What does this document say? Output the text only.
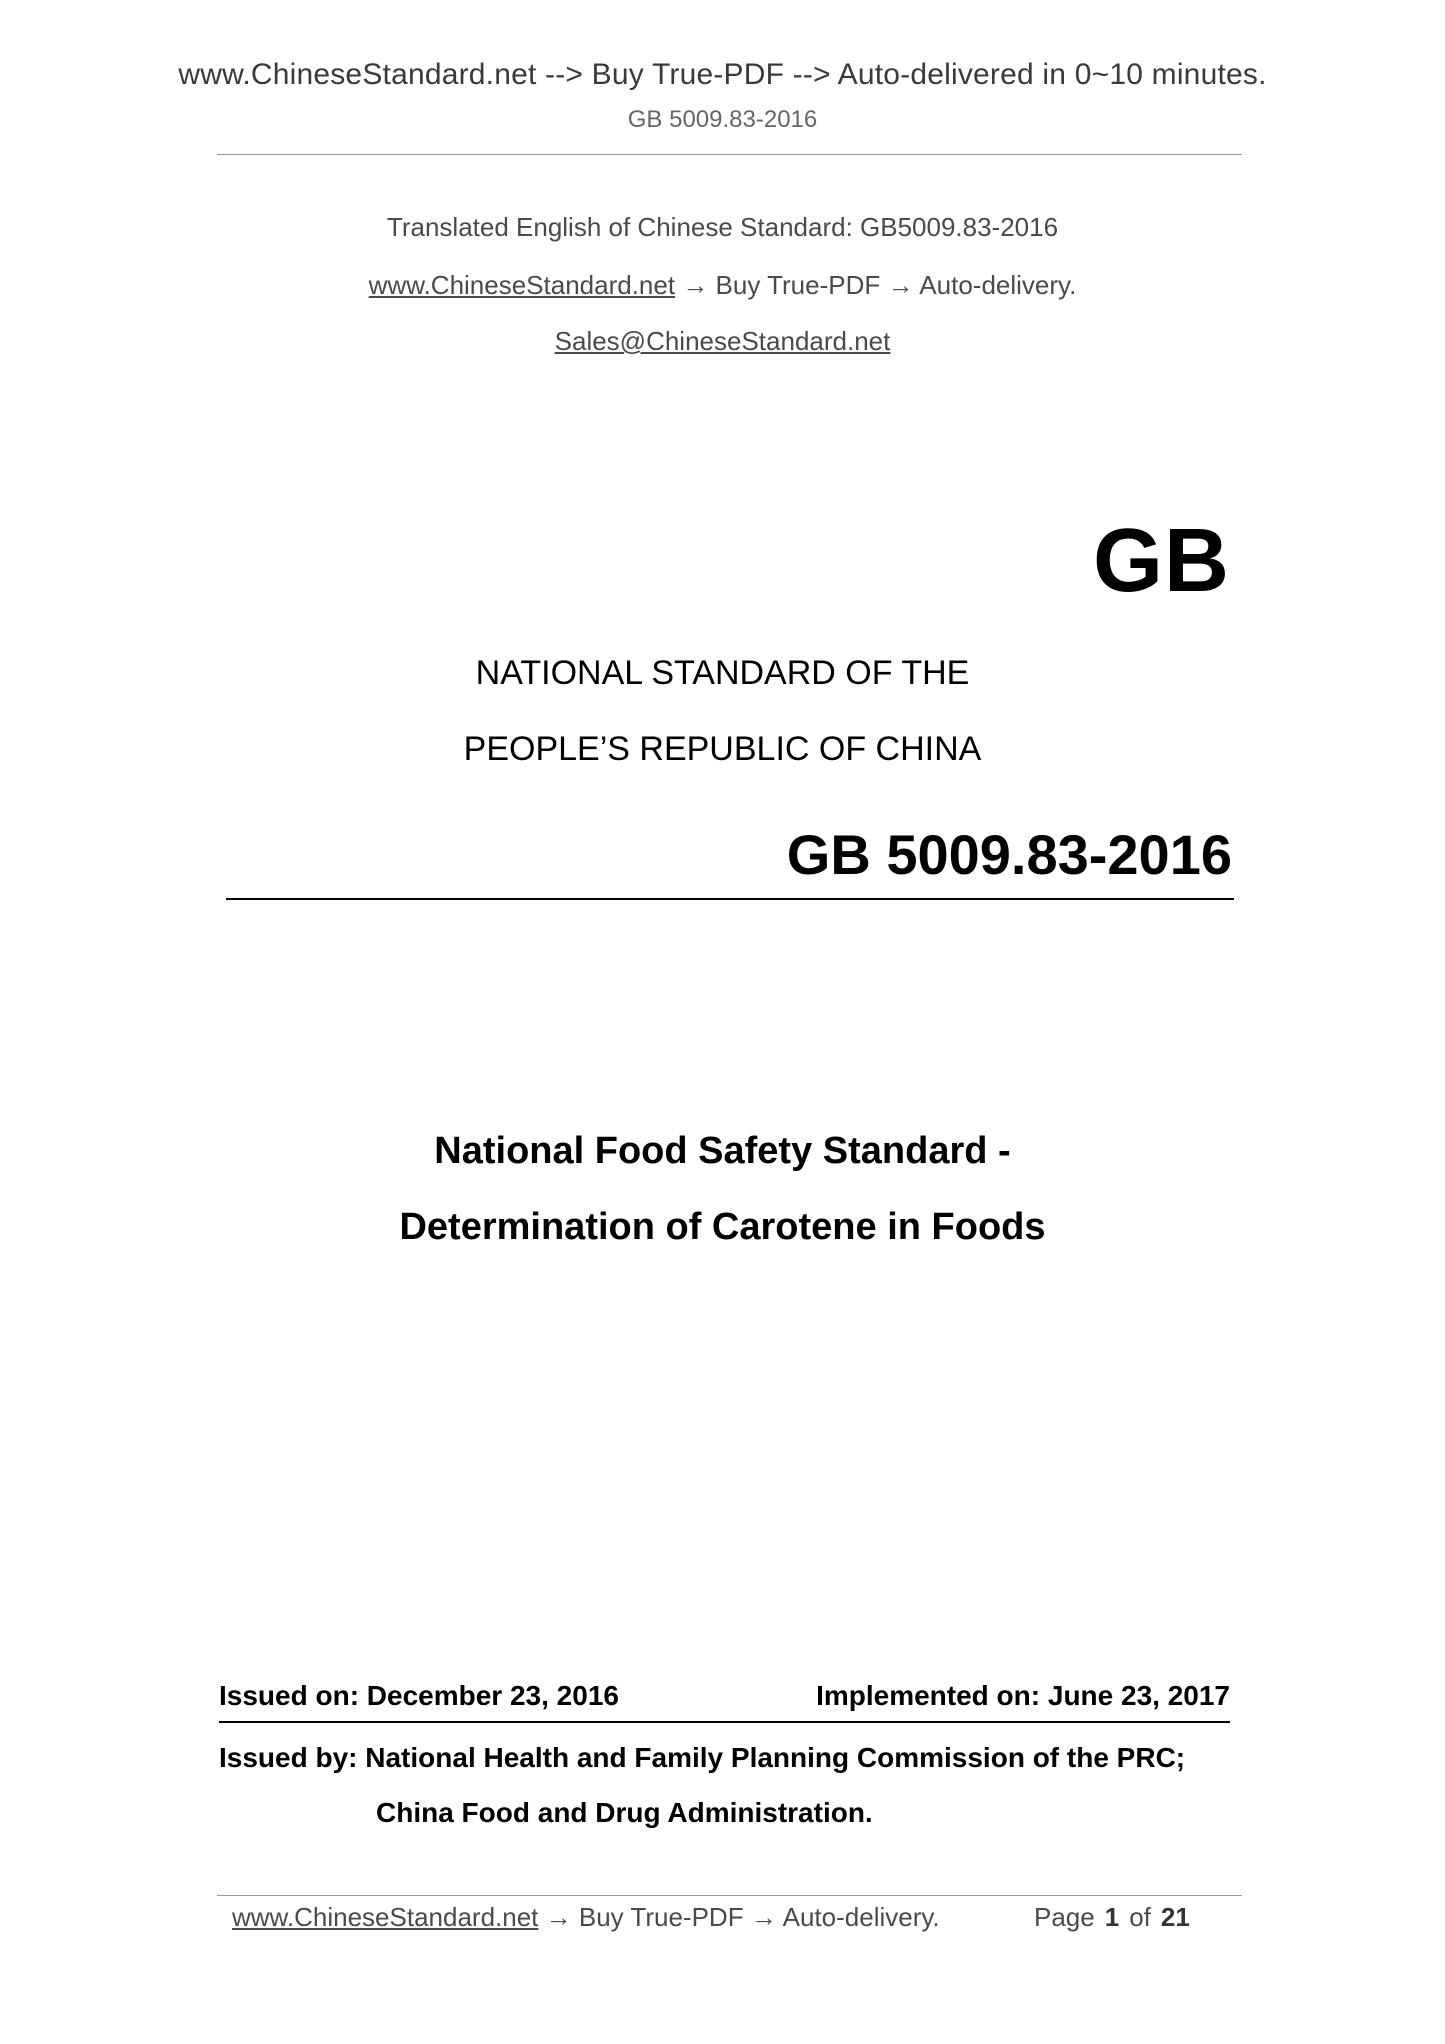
www.ChineseStandard.net --> Buy True-PDF --> Auto-delivered in 0~10 minutes.
GB 5009.83-2016
Translated English of Chinese Standard: GB5009.83-2016
www.ChineseStandard.net → Buy True-PDF → Auto-delivery.
Sales@ChineseStandard.net
GB
NATIONAL STANDARD OF THE
PEOPLE’S REPUBLIC OF CHINA
GB 5009.83-2016
National Food Safety Standard -
Determination of Carotene in Foods
Issued on: December 23, 2016	Implemented on: June 23, 2017
Issued by: National Health and Family Planning Commission of the PRC;
China Food and Drug Administration.
www.ChineseStandard.net → Buy True-PDF → Auto-delivery.	Page 1 of 21
